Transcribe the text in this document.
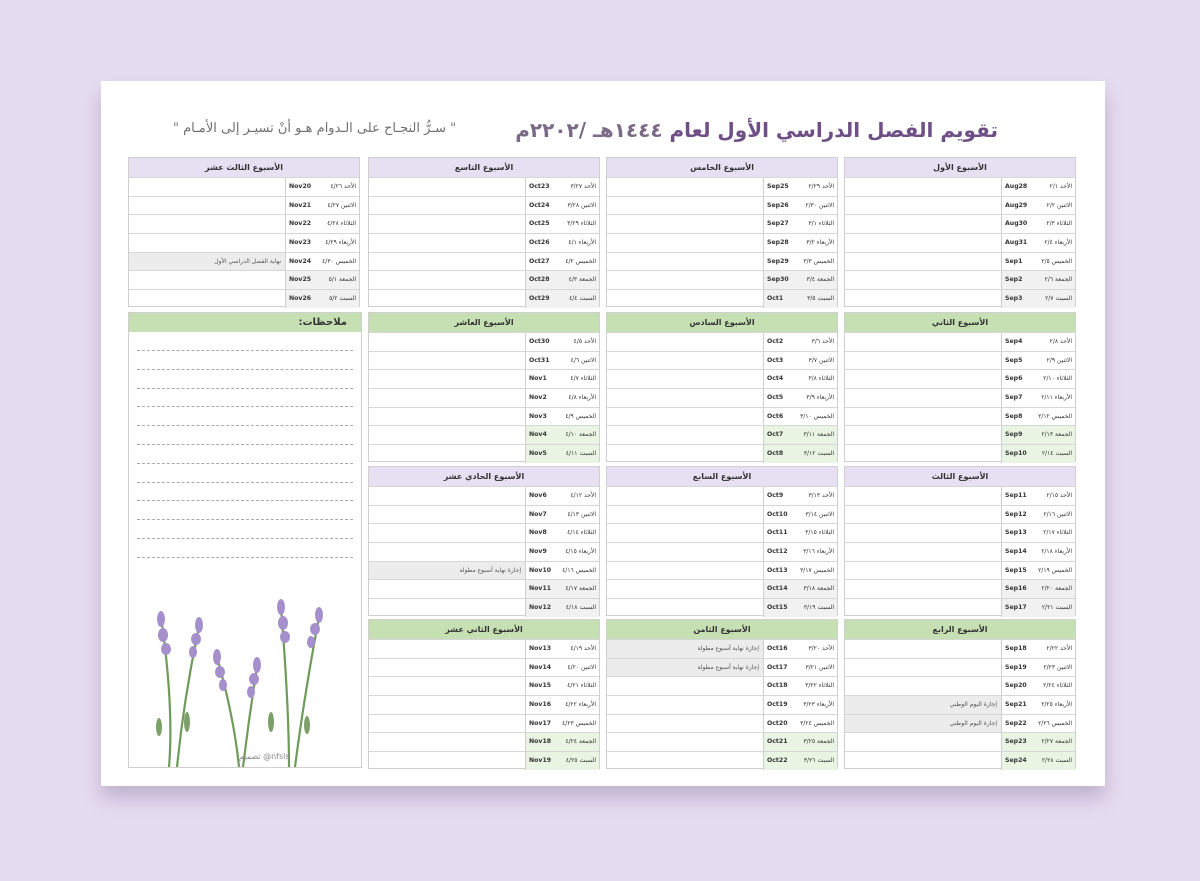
تقويم الفصل الدراسي الأول لعام ١٤٤٤هـ /٢٢٠٢م
" سـرُّ النجـاح على الـدوام هـو أنْ تسيـر إلى الأمـام "
ملاحظات:
تصميم @nfsls
الأسبوع الأول
الأحد ٢/١
Aug28
الاثنين ٢/٢
Aug29
الثلاثاء ٢/٣
Aug30
الأربعاء ٢/٤
Aug31
الخميس ٢/٥
Sep1
الجمعة ٢/٦
Sep2
السبت ٢/٧
Sep3
الأسبوع الخامس
الأحد ٢/٢٩
Sep25
الاثنين ٢/٣٠
Sep26
الثلاثاء ٣/١
Sep27
الأربعاء ٣/٢
Sep28
الخميس ٣/٣
Sep29
الجمعة ٣/٤
Sep30
السبت ٣/٥
Oct1
الأسبوع التاسع
الأحد ٣/٢٧
Oct23
الاثنين ٣/٢٨
Oct24
الثلاثاء ٣/٢٩
Oct25
الأربعاء ٤/١
Oct26
الخميس ٤/٢
Oct27
الجمعة ٤/٣
Oct28
السبت ٤/٤
Oct29
الأسبوع الثالث عشر
الأحد ٤/٢٦
Nov20
الاثنين ٤/٢٧
Nov21
الثلاثاء ٤/٢٨
Nov22
الأربعاء ٤/٢٩
Nov23
الخميس ٤/٣٠
Nov24
نهاية الفصل الدراسي الأول
الجمعة ٥/١
Nov25
السبت ٥/٢
Nov26
الأسبوع الثاني
الأحد ٢/٨
Sep4
الاثنين ٢/٩
Sep5
الثلاثاء ٢/١٠
Sep6
الأربعاء ٢/١١
Sep7
الخميس ٢/١٢
Sep8
الجمعة ٢/١٣
Sep9
السبت ٢/١٤
Sep10
الأسبوع السادس
الأحد ٣/٦
Oct2
الاثنين ٣/٧
Oct3
الثلاثاء ٣/٨
Oct4
الأربعاء ٣/٩
Oct5
الخميس ٣/١٠
Oct6
الجمعة ٣/١١
Oct7
السبت ٣/١٢
Oct8
الأسبوع العاشر
الأحد ٤/٥
Oct30
الاثنين ٤/٦
Oct31
الثلاثاء ٤/٧
Nov1
الأربعاء ٤/٨
Nov2
الخميس ٤/٩
Nov3
الجمعة ٤/١٠
Nov4
السبت ٤/١١
Nov5
الأسبوع الثالث
الأحد ٢/١٥
Sep11
الاثنين ٢/١٦
Sep12
الثلاثاء ٢/١٧
Sep13
الأربعاء ٢/١٨
Sep14
الخميس ٢/١٩
Sep15
الجمعة ٢/٢٠
Sep16
السبت ٢/٢١
Sep17
الأسبوع السابع
الأحد ٣/١٣
Oct9
الاثنين ٣/١٤
Oct10
الثلاثاء ٣/١٥
Oct11
الأربعاء ٣/١٦
Oct12
الخميس ٣/١٧
Oct13
الجمعة ٣/١٨
Oct14
السبت ٣/١٩
Oct15
الأسبوع الحادي عشر
الأحد ٤/١٢
Nov6
الاثنين ٤/١٣
Nov7
الثلاثاء ٤/١٤
Nov8
الأربعاء ٤/١٥
Nov9
الخميس ٤/١٦
Nov10
إجازة نهاية أسبوع مطولة
الجمعة ٤/١٧
Nov11
السبت ٤/١٨
Nov12
الأسبوع الرابع
الأحد ٢/٢٢
Sep18
الاثنين ٢/٢٣
Sep19
الثلاثاء ٢/٢٤
Sep20
الأربعاء ٢/٢٥
Sep21
إجازة اليوم الوطني
الخميس ٢/٢٦
Sep22
إجازة اليوم الوطني
الجمعة ٢/٢٧
Sep23
السبت ٢/٢٨
Sep24
الأسبوع الثامن
الأحد ٣/٢٠
Oct16
إجازة نهاية أسبوع مطولة
الاثنين ٣/٢١
Oct17
إجازة نهاية أسبوع مطولة
الثلاثاء ٣/٢٢
Oct18
الأربعاء ٣/٢٣
Oct19
الخميس ٣/٢٤
Oct20
الجمعة ٣/٢٥
Oct21
السبت ٣/٢٦
Oct22
الأسبوع الثاني عشر
الأحد ٤/١٩
Nov13
الاثنين ٤/٢٠
Nov14
الثلاثاء ٤/٢١
Nov15
الأربعاء ٤/٢٢
Nov16
الخميس ٤/٢٣
Nov17
الجمعة ٤/٢٤
Nov18
السبت ٤/٢٥
Nov19
